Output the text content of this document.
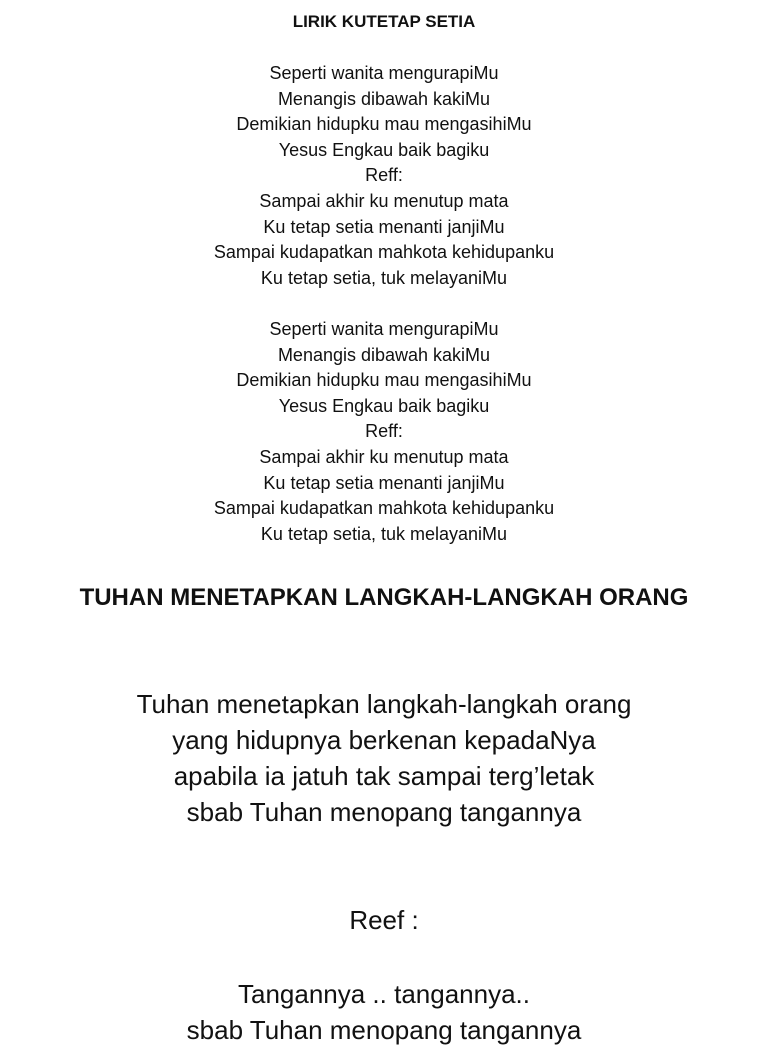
LIRIK KUTETAP SETIA
Seperti wanita mengurapiMu
Menangis dibawah kakiMu
Demikian hidupku mau mengasihiMu
Yesus Engkau baik bagiku
Reff:
Sampai akhir ku menutup mata
Ku tetap setia menanti janjiMu
Sampai kudapatkan mahkota kehidupanku
Ku tetap setia, tuk melayaniMu
Seperti wanita mengurapiMu
Menangis dibawah kakiMu
Demikian hidupku mau mengasihiMu
Yesus Engkau baik bagiku
Reff:
Sampai akhir ku menutup mata
Ku tetap setia menanti janjiMu
Sampai kudapatkan mahkota kehidupanku
Ku tetap setia, tuk melayaniMu
TUHAN MENETAPKAN LANGKAH-LANGKAH ORANG
Tuhan menetapkan langkah-langkah orang
yang hidupnya berkenan kepadaNya
apabila ia jatuh tak sampai terg’letak
sbab Tuhan menopang tangannya
Reef :
Tangannya .. tangannya..
sbab Tuhan menopang tangannya
